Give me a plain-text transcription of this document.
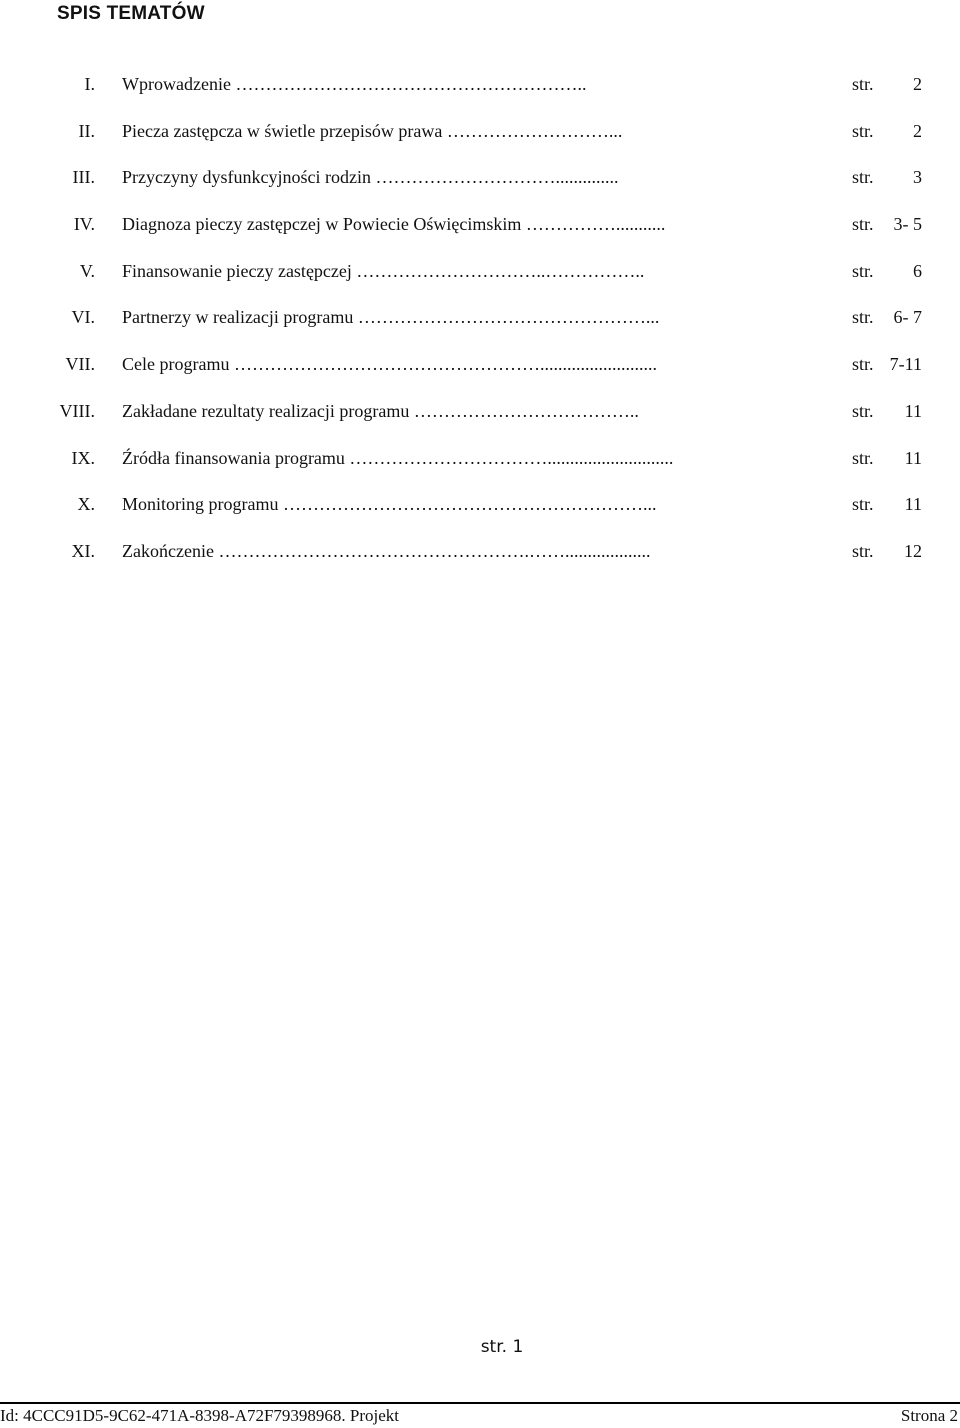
SPIS TEMATÓW
I. Wprowadzenie …………………………………………………..	str. 2
II. Piecza zastępcza w świetle przepisów prawa ………………………...	str. 2
III. Przyczyny dysfunkcyjności rodzin …………………………..............	str. 3
IV. Diagnoza pieczy zastępczej w Powiecie Oświęcimskim ……………...........	str. 3- 5
V. Finansowanie pieczy zastępczej …………………………..……………..	str. 6
VI. Partnerzy w realizacji programu …………………………………………...	str. 6- 7
VII. Cele programu ……………………………………………..........................	str. 7-11
VIII. Zakładane rezultaty realizacji programu ………………………………..	str. 11
IX. Źródła finansowania programu ……………………………............................	str. 11
X. Monitoring programu ……………………………………………………...	str. 11
XI. Zakończenie …………………………………………….……...................	str. 12
str. 1
Id: 4CCC91D5-9C62-471A-8398-A72F79398968. Projekt	Strona 2
